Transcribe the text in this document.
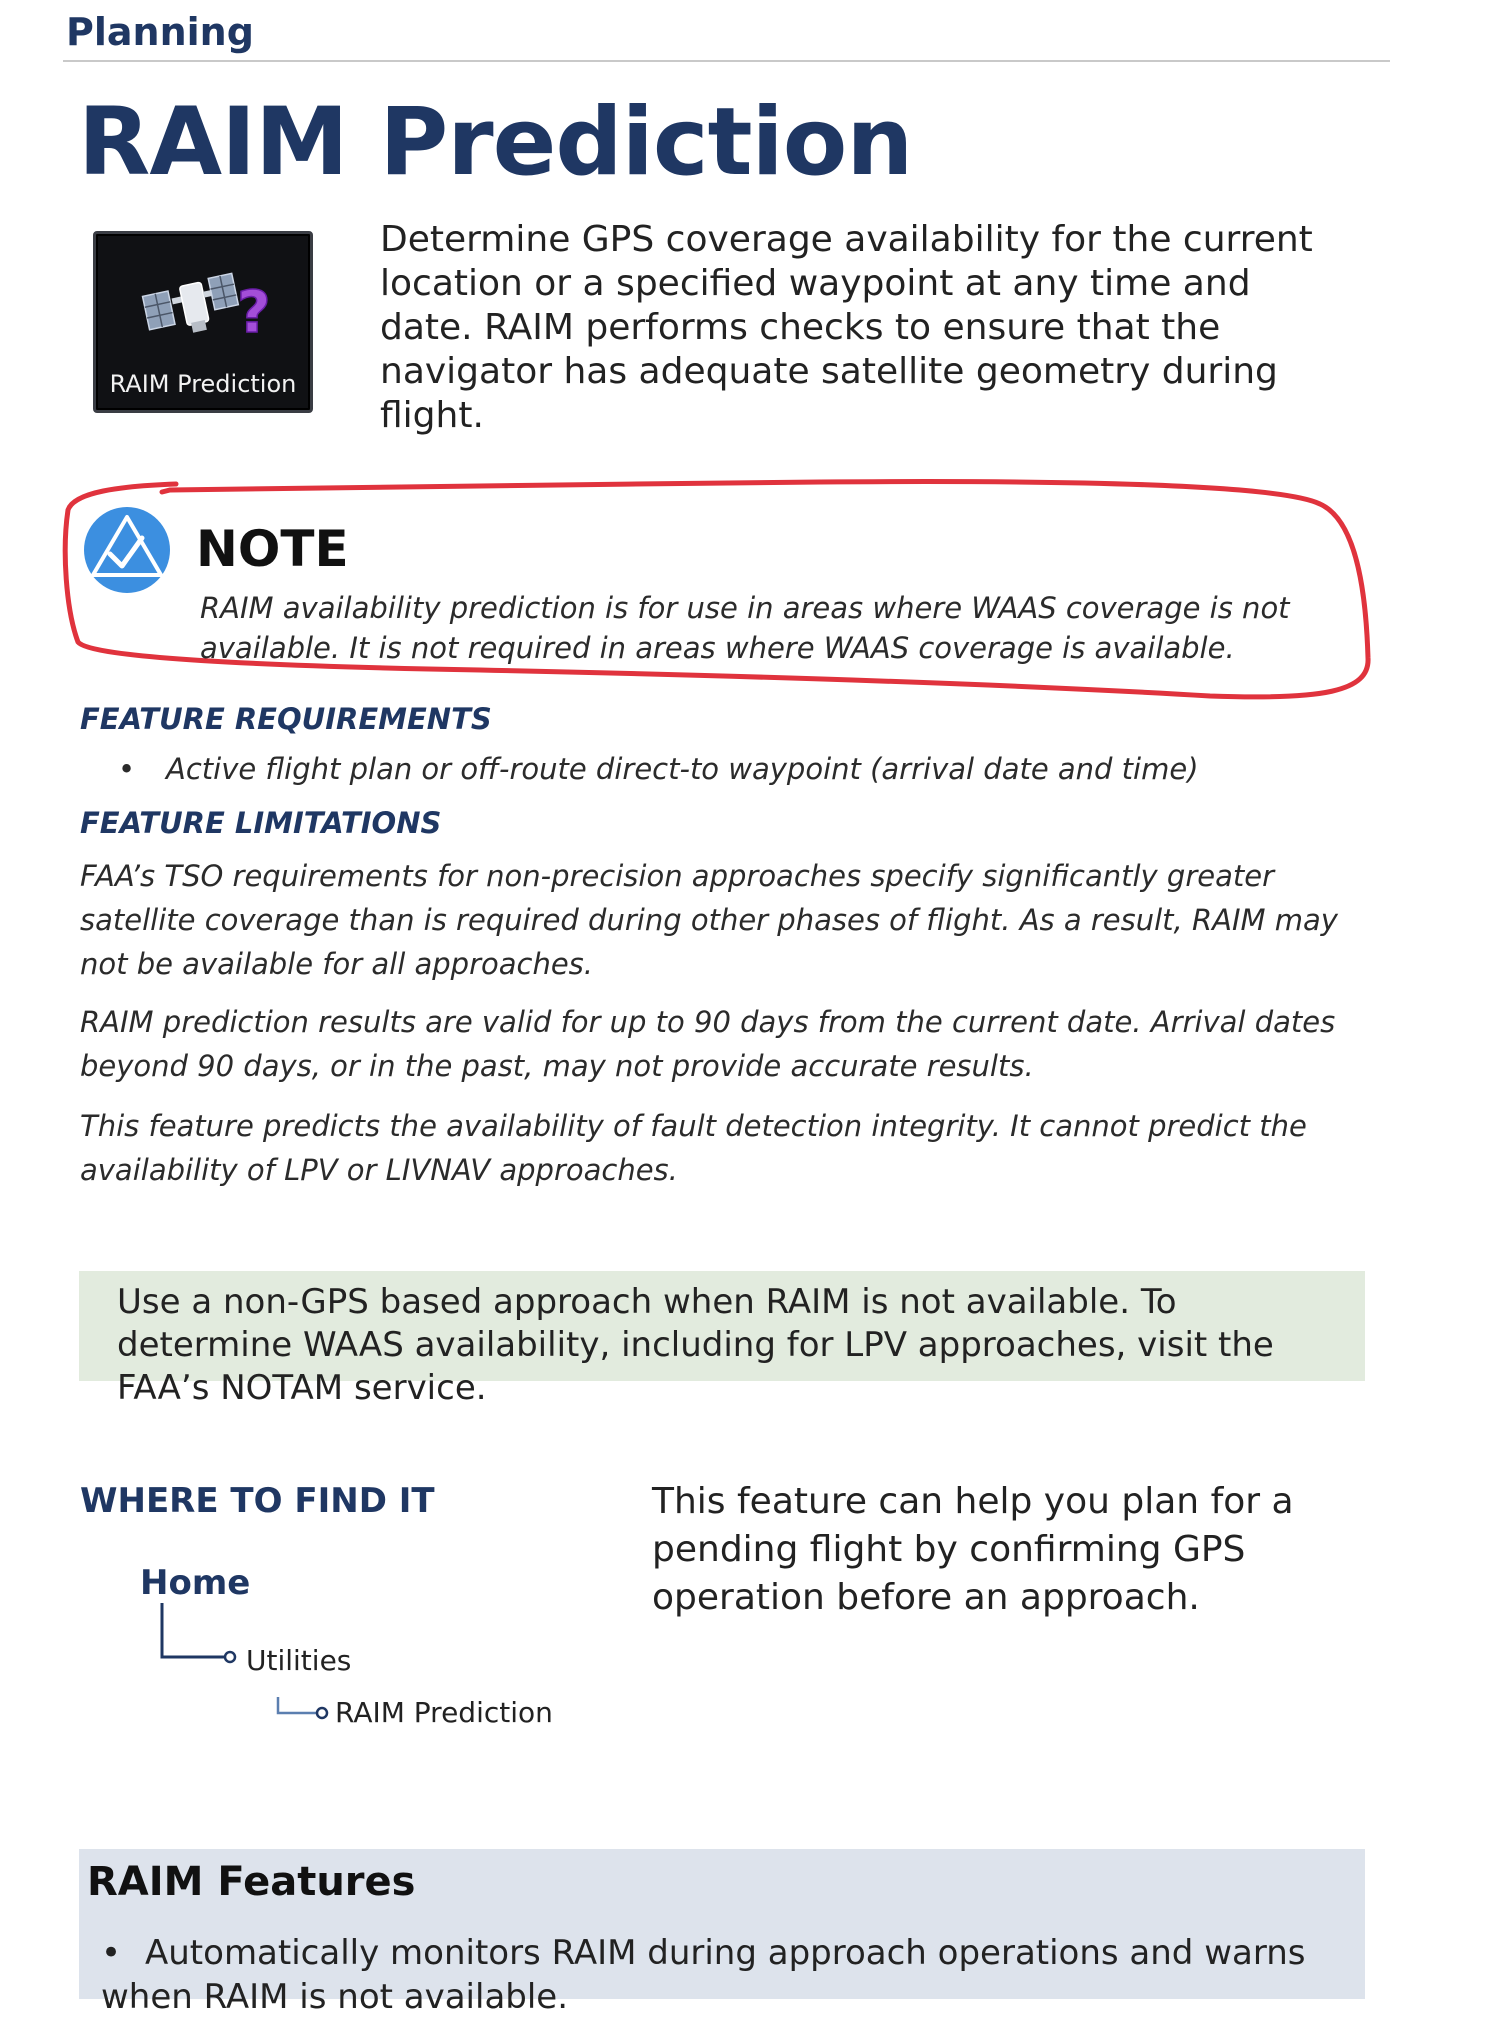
Planning
RAIM Prediction
?
RAIM Prediction
Determine GPS coverage availability for the current location or a specified waypoint at any time and date. RAIM performs checks to ensure that the navigator has adequate satellite geometry during flight.
NOTE
RAIM availability prediction is for use in areas where WAAS coverage is not available. It is not required in areas where WAAS coverage is available.
FEATURE REQUIREMENTS
• Active flight plan or off-route direct-to waypoint (arrival date and time)
FEATURE LIMITATIONS
FAA’s TSO requirements for non-precision approaches specify significantly greater satellite coverage than is required during other phases of flight. As a result, RAIM may not be available for all approaches.
RAIM prediction results are valid for up to 90 days from the current date. Arrival dates beyond 90 days, or in the past, may not provide accurate results.
This feature predicts the availability of fault detection integrity. It cannot predict the availability of LPV or LIVNAV approaches.
Use a non-GPS based approach when RAIM is not available. To determine WAAS availability, including for LPV approaches, visit the FAA’s NOTAM service.
WHERE TO FIND IT	This feature can help you plan for a pending flight by confirming GPS operation before an approach.
Home
Utilities
RAIM Prediction
RAIM Features
• Automatically monitors RAIM during approach operations and warns when RAIM is not available.
